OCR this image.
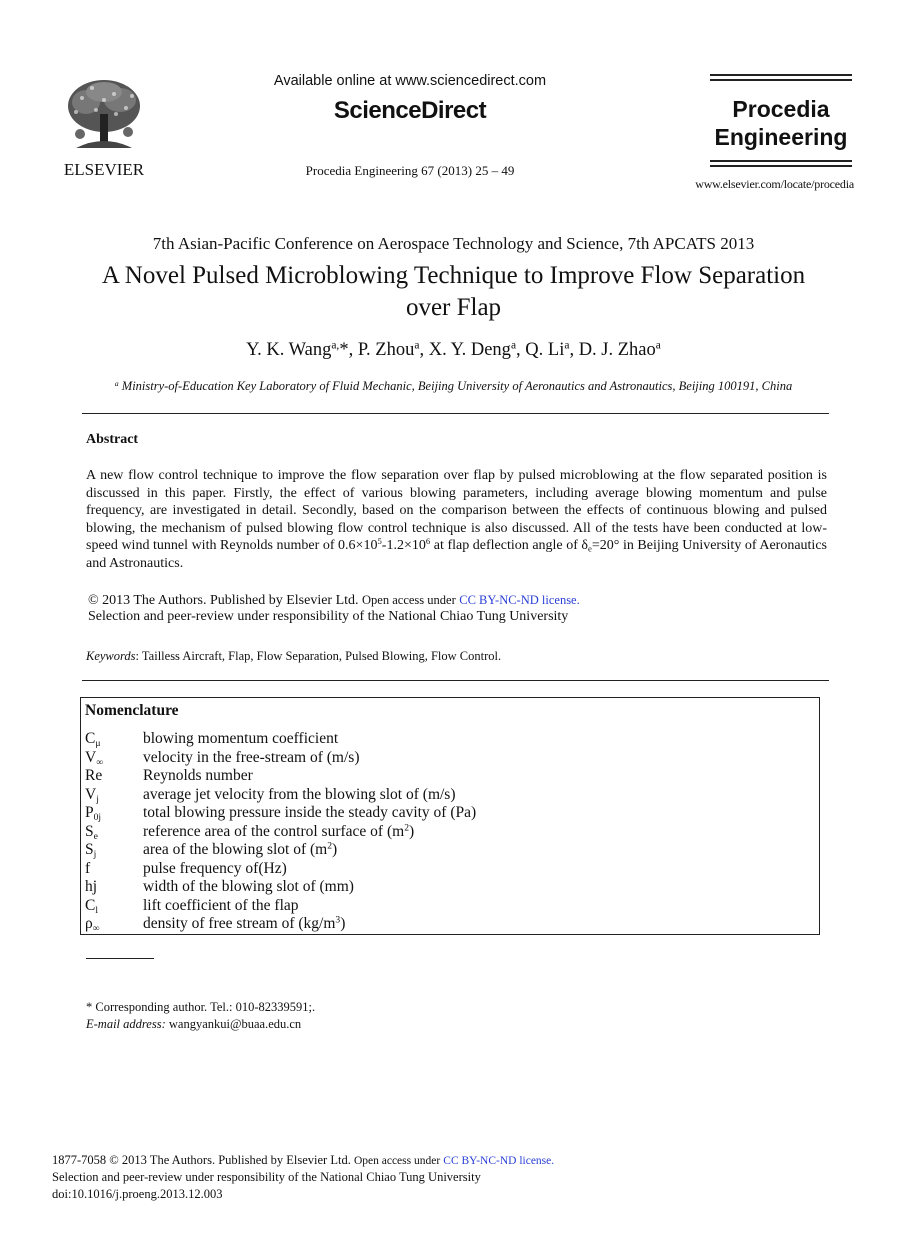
ELSEVIER
Available online at www.sciencedirect.com
ScienceDirect
Procedia Engineering 67 (2013) 25 – 49
Procedia
Engineering
www.elsevier.com/locate/procedia
7th Asian-Pacific Conference on Aerospace Technology and Science, 7th APCATS 2013
A Novel Pulsed Microblowing Technique to Improve Flow Separation over Flap
Y. K. Wang$^{a,}$*, P. Zhou$^a$, X. Y. Deng$^a$, Q. Li$^a$, D. J. Zhao$^a$
$^a$ Ministry-of-Education Key Laboratory of Fluid Mechanic, Beijing University of Aeronautics and Astronautics, Beijing 100191, China
Abstract
A new flow control technique to improve the flow separation over flap by pulsed microblowing at the flow separated position is discussed in this paper. Firstly, the effect of various blowing parameters, including average blowing momentum and pulse frequency, are investigated in detail. Secondly, based on the comparison between the effects of continuous blowing and pulsed blowing, the mechanism of pulsed blowing flow control technique is also discussed. All of the tests have been conducted at low-speed wind tunnel with Reynolds number of $0.6\times 10^5-1.2\times 10^6$ at flap deflection angle of $\delta_e=20^\circ$ in Beijing University of Aeronautics and Astronautics.
© 2013 The Authors. Published by Elsevier Ltd. Open access under CC BY-NC-ND license.
Selection and peer-review under responsibility of the National Chiao Tung University
Keywords: Tailless Aircraft, Flap, Flow Separation, Pulsed Blowing, Flow Control.
Nomenclature
$C_\mu$	blowing momentum coefficient
$V_\infty$	velocity in the free-stream of (m/s)
Re	Reynolds number
$V_j$	average jet velocity from the blowing slot of (m/s)
$P_{0j}$	total blowing pressure inside the steady cavity of (Pa)
$S_e$	reference area of the control surface of $(m^2)$
$S_j$	area of the blowing slot of $(m^2)$
f	pulse frequency of(Hz)
hj	width of the blowing slot of (mm)
$C_l$	lift coefficient of the flap
$\rho_\infty$	density of free stream of $(kg/m^3)$
* Corresponding author. Tel.: 010-82339591;.
E-mail address: wangyankui@buaa.edu.cn
1877-7058 © 2013 The Authors. Published by Elsevier Ltd. Open access under CC BY-NC-ND license.
Selection and peer-review under responsibility of the National Chiao Tung University
doi:10.1016/j.proeng.2013.12.003
